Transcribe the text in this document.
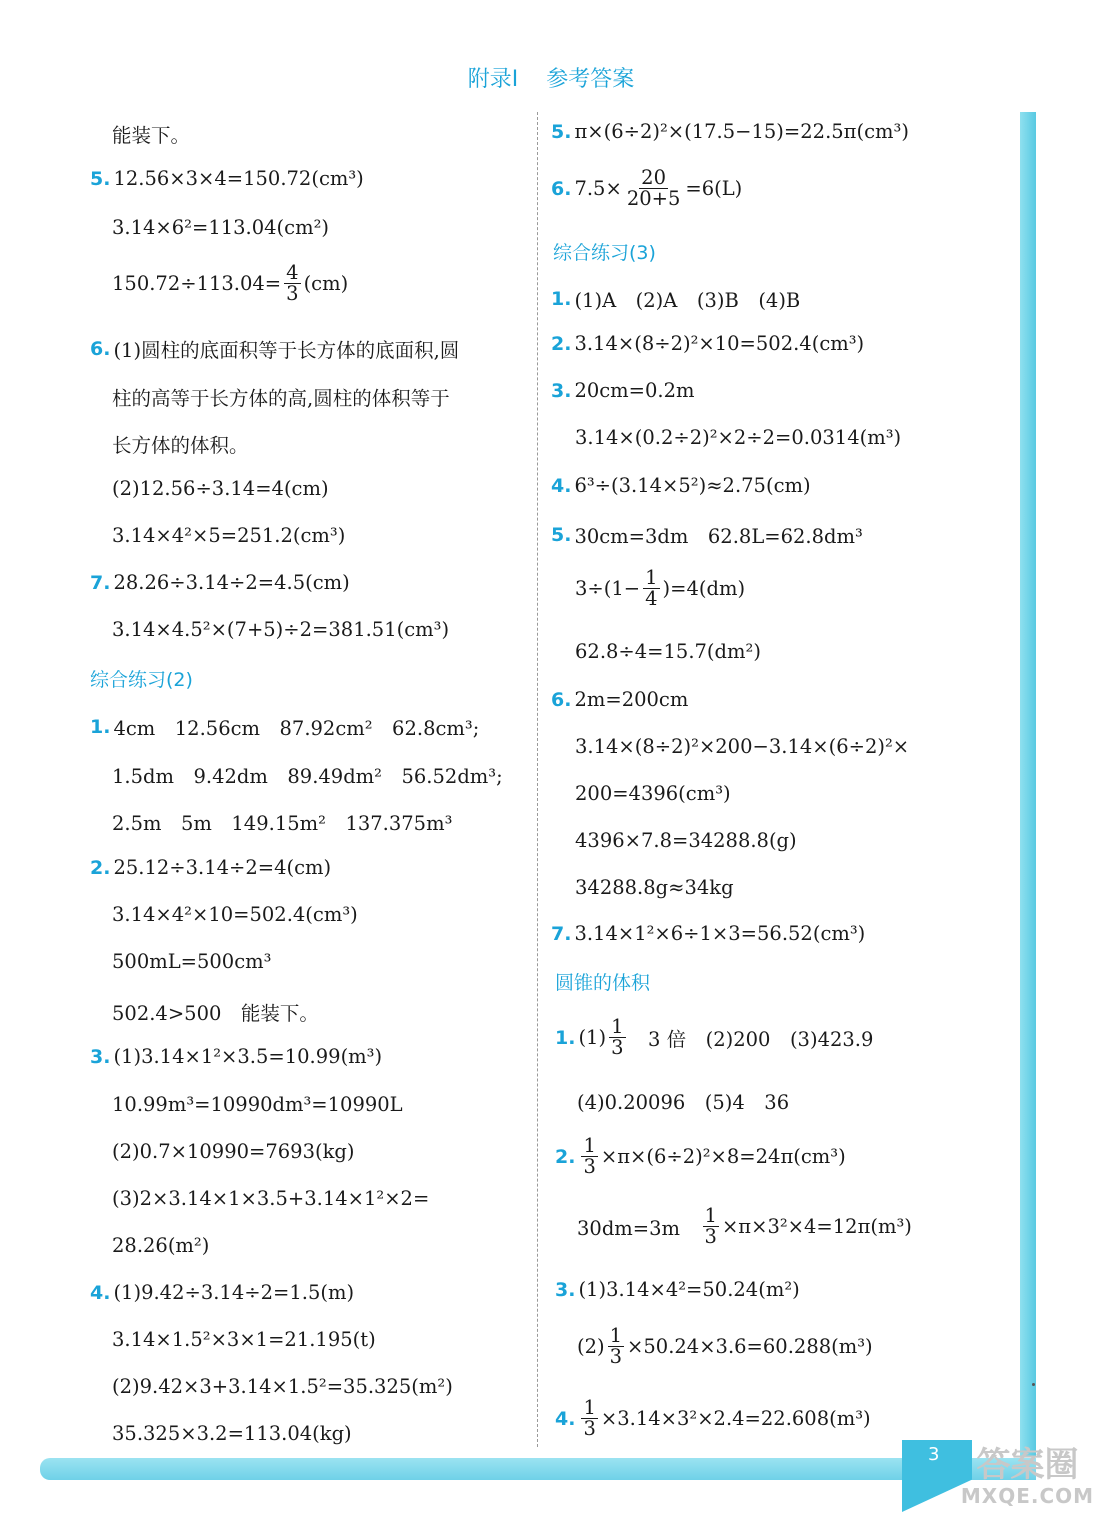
3	答案圈
MXQE.COM
附录Ⅰ 参考答案
能装下。
5. 12.56×3×4=150.72(cm³)
3.14×6²=113.04(cm²)
$150.72\div 113.04= \frac{4}{3} (cm)$
6. (1)圆柱的底面积等于长方体的底面积,圆
柱的高等于长方体的高,圆柱的体积等于
长方体的体积。
(2)12.56÷3.14=4(cm)
3.14×4²×5=251.2(cm³)
7. 28.26÷3.14÷2=4.5(cm)
3.14×4.5²×(7+5)÷2=381.51(cm³)
综合练习(2)
1. 4cm　12.56cm　87.92cm²　62.8cm³;
1.5dm　9.42dm　89.49dm²　56.52dm³;
2.5m　5m　149.15m²　137.375m³
2. 25.12÷3.14÷2=4(cm)
3.14×4²×10=502.4(cm³)
500mL=500cm³
502.4>500　能装下。
3. (1)3.14×1²×3.5=10.99(m³)
10.99m³=10990dm³=10990L
(2)0.7×10990=7693(kg)
(3)2×3.14×1×3.5+3.14×1²×2=
28.26(m²)
4. (1)9.42÷3.14÷2=1.5(m)
3.14×1.5²×3×1=21.195(t)
(2)9.42×3+3.14×1.5²=35.325(m²)
35.325×3.2=113.04(kg)
5. π×(6÷2)²×(17.5−15)=22.5π(cm³)
6. $7.5\times \frac{20}{20+5} =6(L)$
综合练习(3)
1. (1)A　(2)A　(3)B　(4)B
2. 3.14×(8÷2)²×10=502.4(cm³)
3. 20cm=0.2m
3.14×(0.2÷2)²×2÷2=0.0314(m³)
4. 6³÷(3.14×5²)≈2.75(cm)
5. 30cm=3dm　62.8L=62.8dm³
$3\div(1- \frac{1}{4} )=4(dm)$
62.8÷4=15.7(dm²)
6. 2m=200cm
3.14×(8÷2)²×200−3.14×(6÷2)²×
200=4396(cm³)
4396×7.8=34288.8(g)
34288.8g≈34kg
7. 3.14×1²×6÷1×3=56.52(cm³)
圆锥的体积
1. $(1) \frac{1}{3}$ 　3 倍　(2)200　(3)423.9
(4)0.20096　(5)4　36
2. $\frac{1}{3} \times\pi\times(6\div 2)^2\times 8=24\pi(cm^3)$
30dm=3m　 $\frac{1}{3} \times\pi\times 3^2\times 4=12\pi(m^3)$
3. (1)3.14×4²=50.24(m²)
$(2) \frac{1}{3} \times 50.24\times 3.6=60.288(m^3)$
4. $\frac{1}{3} \times 3.14\times 3^2\times 2.4=22.608(m^3)$
